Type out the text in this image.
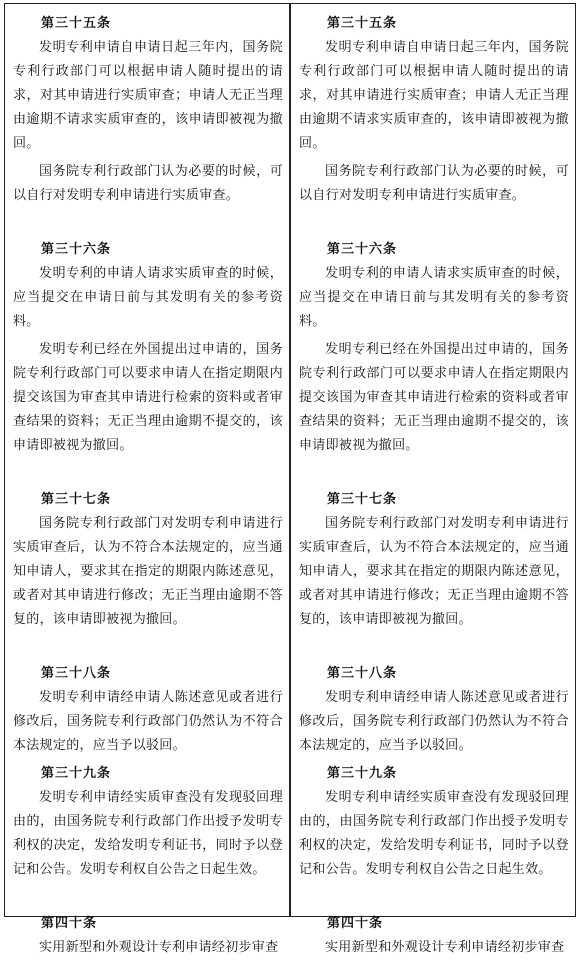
第三十五条

发明专利申请自申请日起三年内，国务院专利行政部门可以根据申请人随时提出的请求，对其申请进行实质审查；申请人无正当理由逾期不请求实质审查的，该申请即被视为撤回。

国务院专利行政部门认为必要的时候，可以自行对发明专利申请进行实质审查。

第三十六条

发明专利的申请人请求实质审查的时候，应当提交在申请日前与其发明有关的参考资料。

发明专利已经在外国提出过申请的，国务院专利行政部门可以要求申请人在指定期限内提交该国为审查其申请进行检索的资料或者审查结果的资料；无正当理由逾期不提交的，该申请即被视为撤回。

第三十七条

国务院专利行政部门对发明专利申请进行实质审查后，认为不符合本法规定的，应当通知申请人，要求其在指定的期限内陈述意见，或者对其申请进行修改；无正当理由逾期不答复的，该申请即被视为撤回。

第三十八条

发明专利申请经申请人陈述意见或者进行修改后，国务院专利行政部门仍然认为不符合本法规定的，应当予以驳回。

第三十九条

发明专利申请经实质审查没有发现驳回理由的，由国务院专利行政部门作出授予发明专利权的决定，发给发明专利证书，同时予以登记和公告。发明专利权自公告之日起生效。

第四十条

实用新型和外观设计专利申请经初步审查

第三十五条

发明专利申请自申请日起三年内，国务院专利行政部门可以根据申请人随时提出的请求，对其申请进行实质审查；申请人无正当理由逾期不请求实质审查的，该申请即被视为撤回。

国务院专利行政部门认为必要的时候，可以自行对发明专利申请进行实质审查。

第三十六条

发明专利的申请人请求实质审查的时候，应当提交在申请日前与其发明有关的参考资料。

发明专利已经在外国提出过申请的，国务院专利行政部门可以要求申请人在指定期限内提交该国为审查其申请进行检索的资料或者审查结果的资料；无正当理由逾期不提交的，该申请即被视为撤回。

第三十七条

国务院专利行政部门对发明专利申请进行实质审查后，认为不符合本法规定的，应当通知申请人，要求其在指定的期限内陈述意见，或者对其申请进行修改；无正当理由逾期不答复的，该申请即被视为撤回。

第三十八条

发明专利申请经申请人陈述意见或者进行修改后，国务院专利行政部门仍然认为不符合本法规定的，应当予以驳回。

第三十九条

发明专利申请经实质审查没有发现驳回理由的，由国务院专利行政部门作出授予发明专利权的决定，发给发明专利证书，同时予以登记和公告。发明专利权自公告之日起生效。

第四十条

实用新型和外观设计专利申请经初步审查
